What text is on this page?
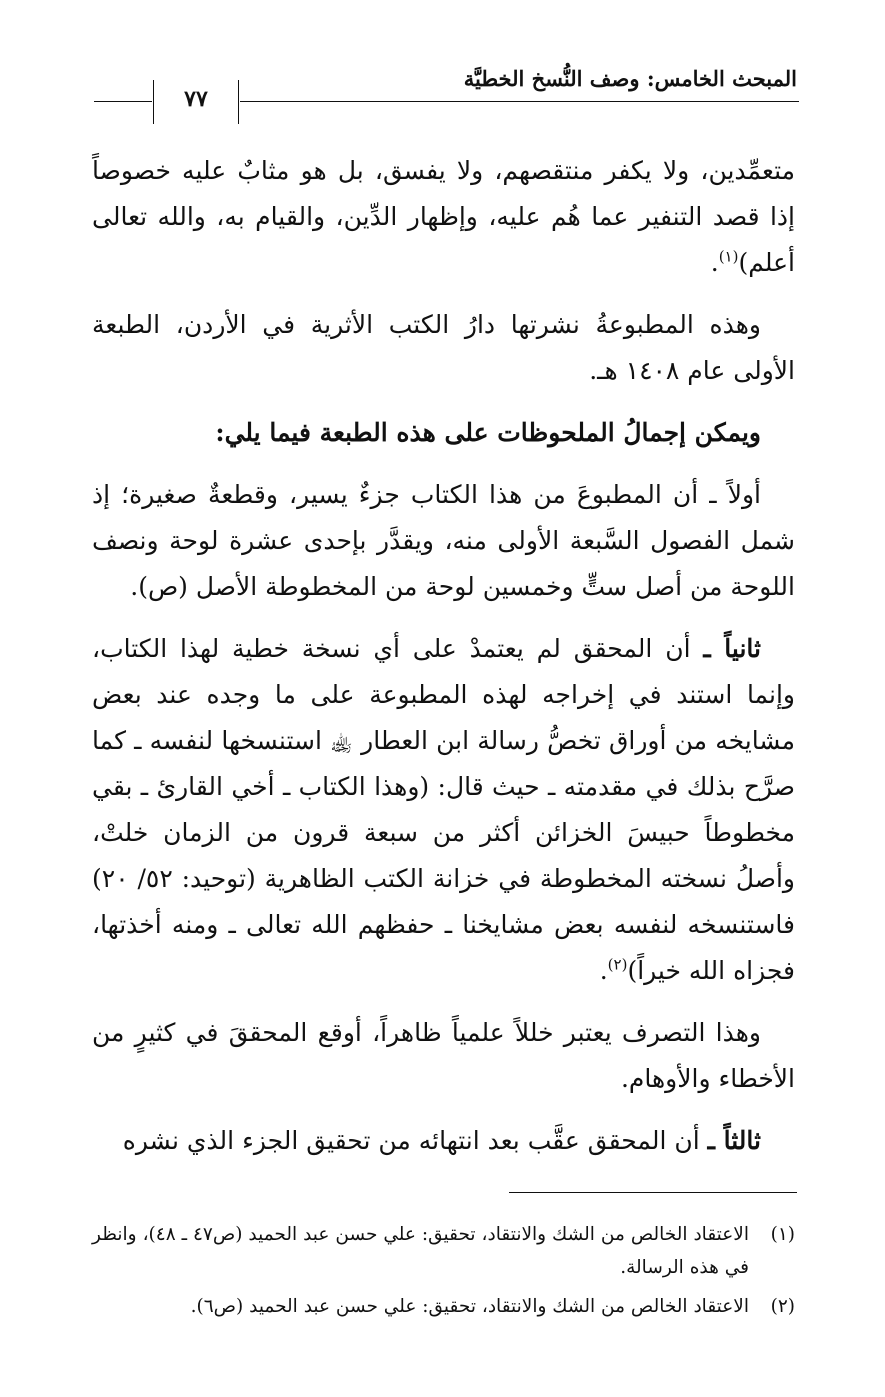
المبحث الخامس: وصف النُّسخ الخطيَّة
٧٧

متعمِّدين، ولا يكفر منتقصهم، ولا يفسق، بل هو مثابٌ عليه خصوصاً إذا قصد التنفير عما هُم عليه، وإظهار الدِّين، والقيام به، والله تعالى أعلم)$^{(١)}$.

وهذه المطبوعةُ نشرتها دارُ الكتب الأثرية في الأردن، الطبعة الأولى عام ١٤٠٨ هـ.

ويمكن إجمالُ الملحوظات على هذه الطبعة فيما يلي:

أولاً ـ أن المطبوعَ من هذا الكتاب جزءٌ يسير، وقطعةٌ صغيرة؛ إذ شمل الفصول السَّبعة الأولى منه، ويقدَّر بإحدى عشرة لوحة ونصف اللوحة من أصل ستٍّ وخمسين لوحة من المخطوطة الأصل (ص).

ثانياً ـ أن المحقق لم يعتمدْ على أي نسخة خطية لهذا الكتاب، وإنما استند في إخراجه لهذه المطبوعة على ما وجده عند بعض مشايخه من أوراق تخصُّ رسالة ابن العطار ﵀ استنسخها لنفسه ـ كما صرَّح بذلك في مقدمته ـ حيث قال: (وهذا الكتاب ـ أخي القارئ ـ بقي مخطوطاً حبيسَ الخزائن أكثر من سبعة قرون من الزمان خلتْ، وأصلُ نسخته المخطوطة في خزانة الكتب الظاهرية (توحيد: ٥٢/ ٢٠) فاستنسخه لنفسه بعض مشايخنا ـ حفظهم الله تعالى ـ ومنه أخذتها، فجزاه الله خيراً)$^{(٢)}$.

وهذا التصرف يعتبر خللاً علمياً ظاهراً، أوقع المحققَ في كثيرٍ من الأخطاء والأوهام.

ثالثاً ـ أن المحقق عقَّب بعد انتهائه من تحقيق الجزء الذي نشره

(١)
الاعتقاد الخالص من الشك والانتقاد، تحقيق: علي حسن عبد الحميد (ص٤٧ ـ ٤٨)، وانظر في هذه الرسالة.
(٢)
الاعتقاد الخالص من الشك والانتقاد، تحقيق: علي حسن عبد الحميد (ص٦).
